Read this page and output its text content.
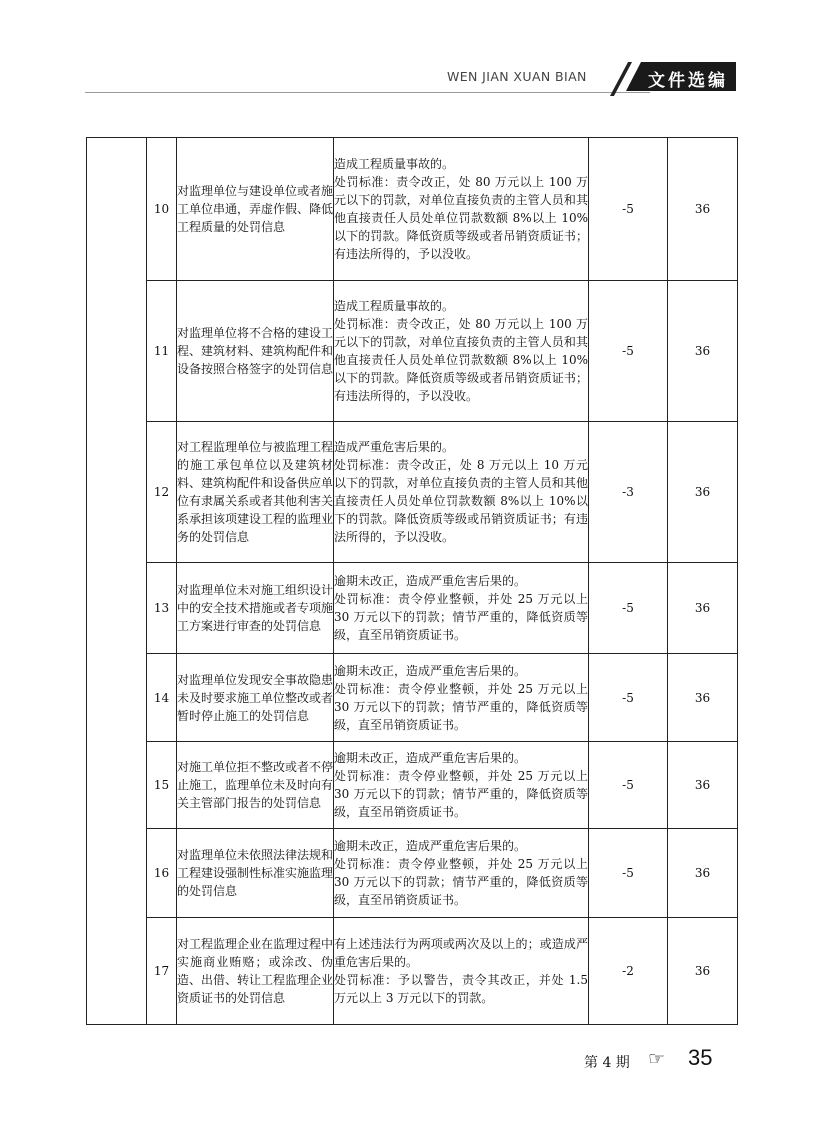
WEN JIAN XUAN BIAN	文件选编
	10	对监理单位与建设单位或者施工单位串通，弄虚作假、降低工程质量的处罚信息	造成工程质量事故的。
处罚标准：责令改正，处 80 万元以上 100 万元以下的罚款，对单位直接负责的主管人员和其他直接责任人员处单位罚款数额 8%以上 10%以下的罚款。降低资质等级或者吊销资质证书；有违法所得的，予以没收。	-5	36
	11	对监理单位将不合格的建设工程、建筑材料、建筑构配件和设备按照合格签字的处罚信息	造成工程质量事故的。
处罚标准：责令改正，处 80 万元以上 100 万元以下的罚款，对单位直接负责的主管人员和其他直接责任人员处单位罚款数额 8%以上 10%以下的罚款。降低资质等级或者吊销资质证书；有违法所得的，予以没收。	-5	36
	12	对工程监理单位与被监理工程的施工承包单位以及建筑材料、建筑构配件和设备供应单位有隶属关系或者其他利害关系承担该项建设工程的监理业务的处罚信息	造成严重危害后果的。
处罚标准：责令改正，处 8 万元以上 10 万元以下的罚款，对单位直接负责的主管人员和其他直接责任人员处单位罚款数额 8%以上 10%以下的罚款。降低资质等级或吊销资质证书；有违法所得的，予以没收。	-3	36
	13	对监理单位未对施工组织设计中的安全技术措施或者专项施工方案进行审查的处罚信息	逾期未改正，造成严重危害后果的。
处罚标准：责令停业整顿，并处 25 万元以上 30 万元以下的罚款；情节严重的，降低资质等级，直至吊销资质证书。	-5	36
	14	对监理单位发现安全事故隐患未及时要求施工单位整改或者暂时停止施工的处罚信息	逾期未改正，造成严重危害后果的。
处罚标准：责令停业整顿，并处 25 万元以上 30 万元以下的罚款；情节严重的，降低资质等级，直至吊销资质证书。	-5	36
	15	对施工单位拒不整改或者不停止施工，监理单位未及时向有关主管部门报告的处罚信息	逾期未改正，造成严重危害后果的。
处罚标准：责令停业整顿，并处 25 万元以上 30 万元以下的罚款；情节严重的，降低资质等级，直至吊销资质证书。	-5	36
	16	对监理单位未依照法律法规和工程建设强制性标准实施监理的处罚信息	逾期未改正，造成严重危害后果的。
处罚标准：责令停业整顿，并处 25 万元以上 30 万元以下的罚款；情节严重的，降低资质等级，直至吊销资质证书。	-5	36
	17	对工程监理企业在监理过程中实施商业贿赂；或涂改、伪造、出借、转让工程监理企业资质证书的处罚信息	有上述违法行为两项或两次及以上的；或造成严重危害后果的。
处罚标准：予以警告，责令其改正，并处 1.5 万元以上 3 万元以下的罚款。	-2	36
第 4 期 ☞ 35
